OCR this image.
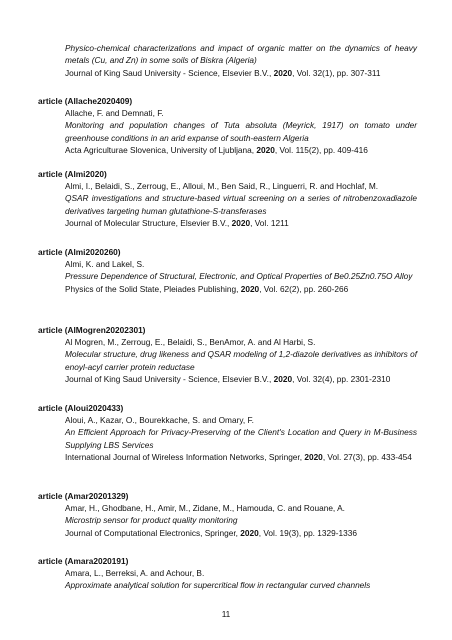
Physico-chemical characterizations and impact of organic matter on the dynamics of heavy metals (Cu, and Zn) in some soils of Biskra (Algeria)
Journal of King Saud University - Science, Elsevier B.V., 2020, Vol. 32(1), pp. 307-311

article (Allache2020409)

Allache, F. and Demnati, F.
Monitoring and population changes of Tuta absoluta (Meyrick, 1917) on tomato under greenhouse conditions in an arid expanse of south-eastern Algeria
Acta Agriculturae Slovenica, University of Ljubljana, 2020, Vol. 115(2), pp. 409-416

article (Almi2020)

Almi, I., Belaidi, S., Zerroug, E., Alloui, M., Ben Said, R., Linguerri, R. and Hochlaf, M.
QSAR investigations and structure-based virtual screening on a series of nitrobenzoxadiazole derivatives targeting human glutathione-S-transferases
Journal of Molecular Structure, Elsevier B.V., 2020, Vol. 1211

article (Almi2020260)

Almi, K. and Lakel, S.
Pressure Dependence of Structural, Electronic, and Optical Properties of Be0.25Zn0.75O Alloy
Physics of the Solid State, Pleiades Publishing, 2020, Vol. 62(2), pp. 260-266

article (AlMogren20202301)

Al Mogren, M., Zerroug, E., Belaidi, S., BenAmor, A. and Al Harbi, S.
Molecular structure, drug likeness and QSAR modeling of 1,2-diazole derivatives as inhibitors of enoyl-acyl carrier protein reductase
Journal of King Saud University - Science, Elsevier B.V., 2020, Vol. 32(4), pp. 2301-2310

article (Aloui2020433)

Aloui, A., Kazar, O., Bourekkache, S. and Omary, F.
An Efficient Approach for Privacy-Preserving of the Client's Location and Query in M-Business Supplying LBS Services
International Journal of Wireless Information Networks, Springer, 2020, Vol. 27(3), pp. 433-454

article (Amar20201329)

Amar, H., Ghodbane, H., Amir, M., Zidane, M., Hamouda, C. and Rouane, A.
Microstrip sensor for product quality monitoring
Journal of Computational Electronics, Springer, 2020, Vol. 19(3), pp. 1329-1336

article (Amara2020191)

Amara, L., Berreksi, A. and Achour, B.
Approximate analytical solution for supercritical flow in rectangular curved channels
11
